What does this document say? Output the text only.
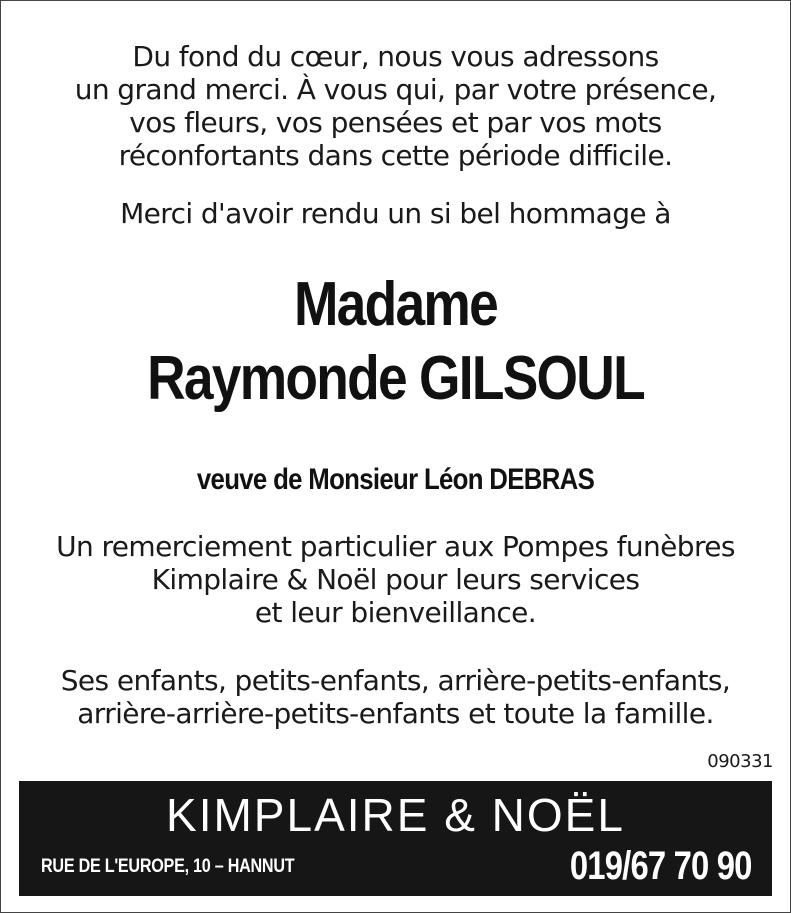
Du fond du cœur, nous vous adressons
un grand merci. À vous qui, par votre présence,
vos fleurs, vos pensées et par vos mots
réconfortants dans cette période difficile.
Merci d'avoir rendu un si bel hommage à
Madame
Raymonde GILSOUL
veuve de Monsieur Léon DEBRAS
Un remerciement particulier aux Pompes funèbres
Kimplaire & Noël pour leurs services
et leur bienveillance.
Ses enfants, petits-enfants, arrière-petits-enfants,
arrière-arrière-petits-enfants et toute la famille.
090331
KIMPLAIRE & NOËL
RUE DE L'EUROPE, 10 – HANNUT	019/67 70 90
